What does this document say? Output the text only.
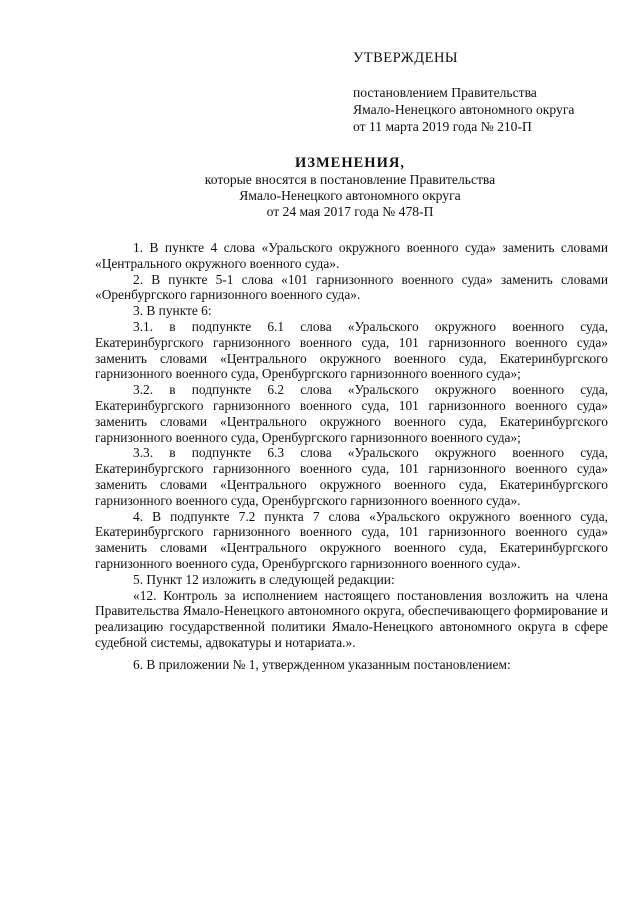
УТВЕРЖДЕНЫ
постановлением Правительства
Ямало-Ненецкого автономного округа
от 11 марта 2019 года № 210-П
ИЗМЕНЕНИЯ,
которые вносятся в постановление Правительства
Ямало-Ненецкого автономного округа
от 24 мая 2017 года № 478-П

1. В пункте 4 слова «Уральского окружного военного суда» заменить словами «Центрального окружного военного суда».

2. В пункте 5-1 слова «101 гарнизонного военного суда» заменить словами «Оренбургского гарнизонного военного суда».

3. В пункте 6:

3.1. в подпункте 6.1 слова «Уральского окружного военного суда, Екатеринбургского гарнизонного военного суда, 101 гарнизонного военного суда» заменить словами «Центрального окружного военного суда, Екатеринбургского гарнизонного военного суда, Оренбургского гарнизонного военного суда»;

3.2. в подпункте 6.2 слова «Уральского окружного военного суда, Екатеринбургского гарнизонного военного суда, 101 гарнизонного военного суда» заменить словами «Центрального окружного военного суда, Екатеринбургского гарнизонного военного суда, Оренбургского гарнизонного военного суда»;

3.3. в подпункте 6.3 слова «Уральского окружного военного суда, Екатеринбургского гарнизонного военного суда, 101 гарнизонного военного суда» заменить словами «Центрального окружного военного суда, Екатеринбургского гарнизонного военного суда, Оренбургского гарнизонного военного суда».

4. В подпункте 7.2 пункта 7 слова «Уральского окружного военного суда, Екатеринбургского гарнизонного военного суда, 101 гарнизонного военного суда» заменить словами «Центрального окружного военного суда, Екатеринбургского гарнизонного военного суда, Оренбургского гарнизонного военного суда».

5. Пункт 12 изложить в следующей редакции:

«12. Контроль за исполнением настоящего постановления возложить на члена Правительства Ямало-Ненецкого автономного округа, обеспечивающего формирование и реализацию государственной политики Ямало-Ненецкого автономного округа в сфере судебной системы, адвокатуры и нотариата.».

6. В приложении № 1, утвержденном указанным постановлением:
